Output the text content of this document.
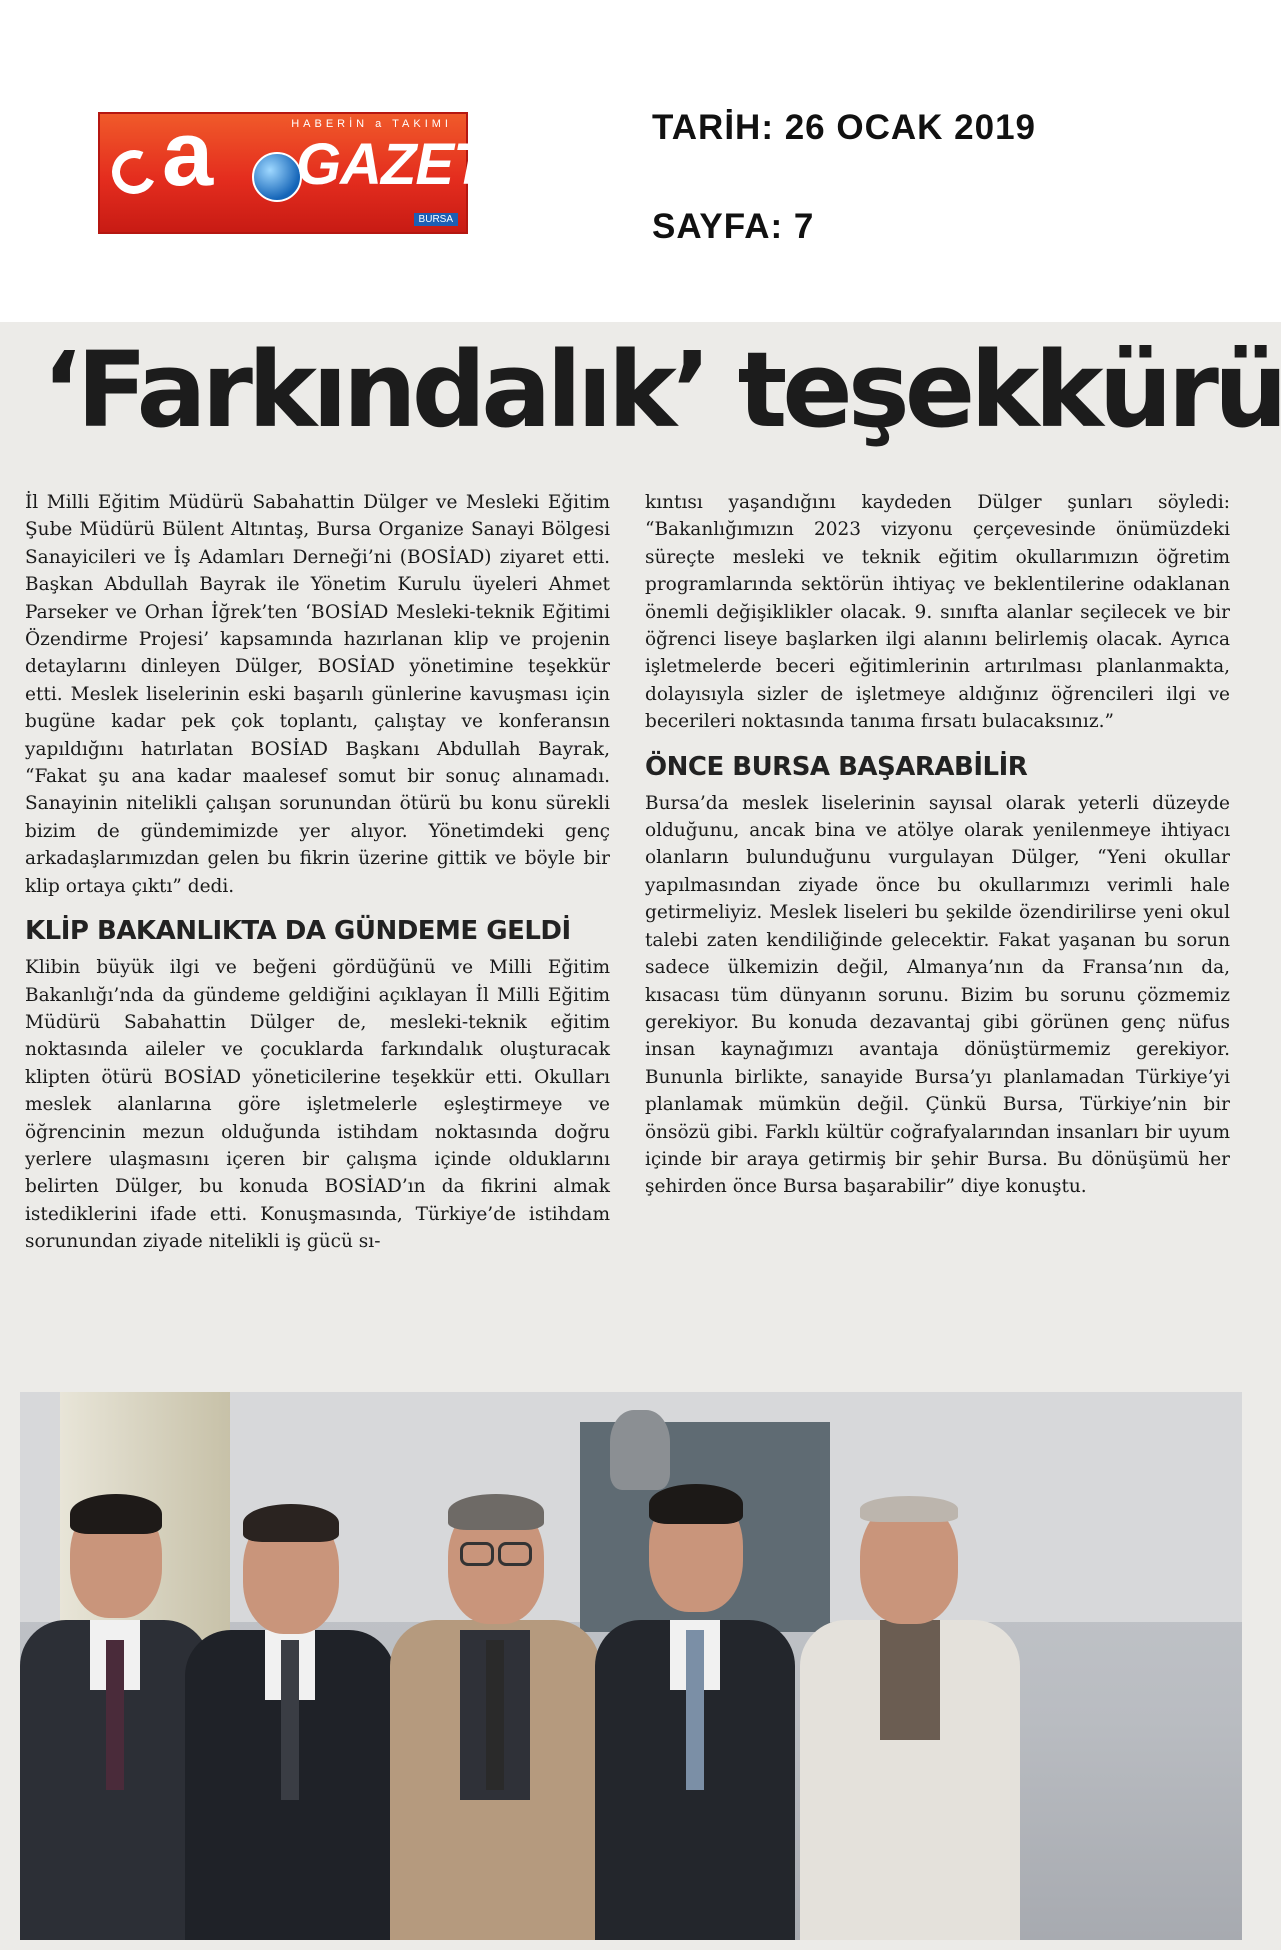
HABERİN a TAKIMI
a GAZETE
BURSA
TARİH: 26 OCAK 2019
SAYFA: 7
‘Farkındalık’ teşekkürü

İl Milli Eğitim Müdürü Sabahattin Dülger ve Mesleki Eğitim Şube Müdürü Bülent Altıntaş, Bursa Organize Sanayi Bölgesi Sanayicileri ve İş Adamları Derneği’ni (BOSİAD) ziyaret etti. Başkan Abdullah Bayrak ile Yönetim Kurulu üyeleri Ahmet Parseker ve Orhan İğrek’ten ‘BOSİAD Mesleki-teknik Eğitimi Özendirme Projesi’ kapsamında hazırlanan klip ve projenin detaylarını dinleyen Dülger, BOSİAD yönetimine teşekkür etti. Meslek liselerinin eski başarılı günlerine kavuşması için bugüne kadar pek çok toplantı, çalıştay ve konferansın yapıldığını hatırlatan BOSİAD Başkanı Abdullah Bayrak, “Fakat şu ana kadar maalesef somut bir sonuç alınamadı. Sanayinin nitelikli çalışan sorunundan ötürü bu konu sürekli bizim de gündemimizde yer alıyor. Yönetimdeki genç arkadaşlarımızdan gelen bu fikrin üzerine gittik ve böyle bir klip ortaya çıktı” dedi.

KLİP BAKANLIKTA DA GÜNDEME GELDİ

Klibin büyük ilgi ve beğeni gördüğünü ve Milli Eğitim Bakanlığı’nda da gündeme geldiğini açıklayan İl Milli Eğitim Müdürü Sabahattin Dülger de, mesleki-teknik eğitim noktasında aileler ve çocuklarda farkındalık oluşturacak klipten ötürü BOSİAD yöneticilerine teşekkür etti. Okulları meslek alanlarına göre işletmelerle eşleştirmeye ve öğrencinin mezun olduğunda istihdam noktasında doğru yerlere ulaşmasını içeren bir çalışma içinde olduklarını belirten Dülger, bu konuda BOSİAD’ın da fikrini almak istediklerini ifade etti. Konuşmasında, Türkiye’de istihdam sorunundan ziyade nitelikli iş gücü sı-

kıntısı yaşandığını kaydeden Dülger şunları söyledi: “Bakanlığımızın 2023 vizyonu çerçevesinde önümüzdeki süreçte mesleki ve teknik eğitim okullarımızın öğretim programlarında sektörün ihtiyaç ve beklentilerine odaklanan önemli değişiklikler olacak. 9. sınıfta alanlar seçilecek ve bir öğrenci liseye başlarken ilgi alanını belirlemiş olacak. Ayrıca işletmelerde beceri eğitimlerinin artırılması planlanmakta, dolayısıyla sizler de işletmeye aldığınız öğrencileri ilgi ve becerileri noktasında tanıma fırsatı bulacaksınız.”

ÖNCE BURSA BAŞARABİLİR

Bursa’da meslek liselerinin sayısal olarak yeterli düzeyde olduğunu, ancak bina ve atölye olarak yenilenmeye ihtiyacı olanların bulunduğunu vurgulayan Dülger, “Yeni okullar yapılmasından ziyade önce bu okullarımızı verimli hale getirmeliyiz. Meslek liseleri bu şekilde özendirilirse yeni okul talebi zaten kendiliğinde gelecektir. Fakat yaşanan bu sorun sadece ülkemizin değil, Almanya’nın da Fransa’nın da, kısacası tüm dünyanın sorunu. Bizim bu sorunu çözmemiz gerekiyor. Bu konuda dezavantaj gibi görünen genç nüfus insan kaynağımızı avantaja dönüştürmemiz gerekiyor. Bununla birlikte, sanayide Bursa’yı planlamadan Türkiye’yi planlamak mümkün değil. Çünkü Bursa, Türkiye’nin bir önsözü gibi. Farklı kültür coğrafyalarından insanları bir uyum içinde bir araya getirmiş bir şehir Bursa. Bu dönüşümü her şehirden önce Bursa başarabilir” diye konuştu.
